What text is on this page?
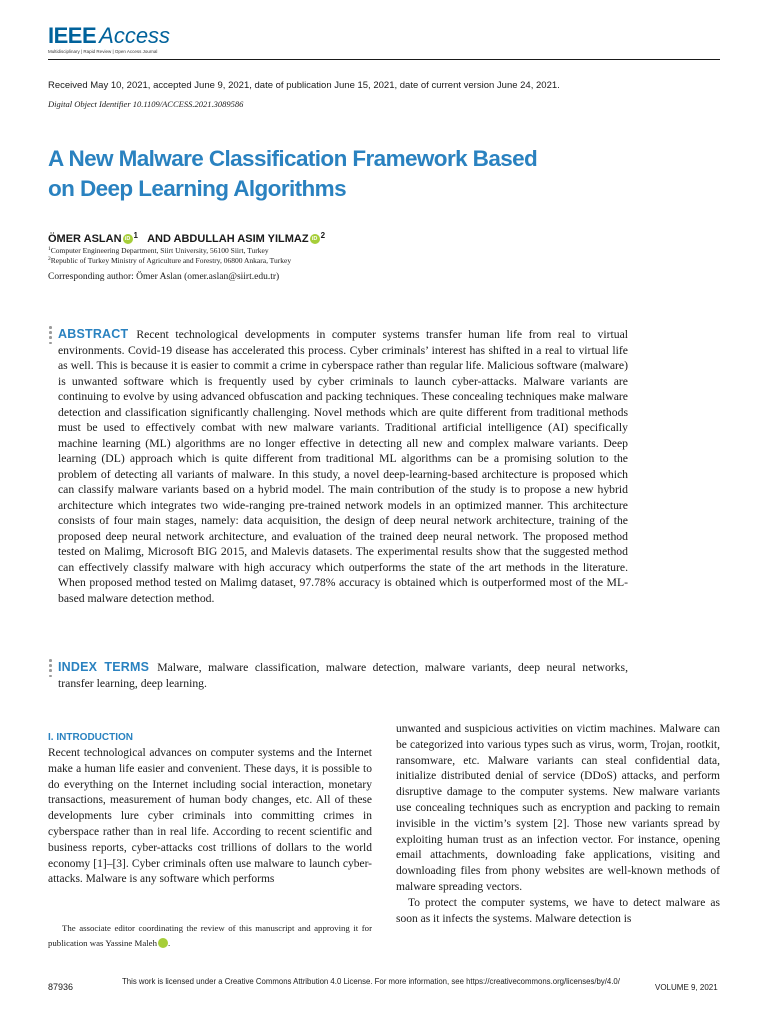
IEEE Access
Multidisciplinary | Rapid Review | Open Access Journal
Received May 10, 2021, accepted June 9, 2021, date of publication June 15, 2021, date of current version June 24, 2021.
Digital Object Identifier 10.1109/ACCESS.2021.3089586
A New Malware Classification Framework Based
on Deep Learning Algorithms
ÖMER ASLAN iD $^1$ AND ABDULLAH ASIM YILMAZ iD $^2$
$^1$Computer Engineering Department, Siirt University, 56100 Siirt, Turkey
$^2$Republic of Turkey Ministry of Agriculture and Forestry, 06800 Ankara, Turkey
Corresponding author: Ömer Aslan (omer.aslan@siirt.edu.tr)
ABSTRACT Recent technological developments in computer systems transfer human life from real to virtual environments. Covid-19 disease has accelerated this process. Cyber criminals’ interest has shifted in a real to virtual life as well. This is because it is easier to commit a crime in cyberspace rather than regular life. Malicious software (malware) is unwanted software which is frequently used by cyber criminals to launch cyber-attacks. Malware variants are continuing to evolve by using advanced obfuscation and packing techniques. These concealing techniques make malware detection and classification significantly challenging. Novel methods which are quite different from traditional methods must be used to effectively combat with new malware variants. Traditional artificial intelligence (AI) specifically machine learning (ML) algorithms are no longer effective in detecting all new and complex malware variants. Deep learning (DL) approach which is quite different from traditional ML algorithms can be a promising solution to the problem of detecting all variants of malware. In this study, a novel deep-learning-based architecture is proposed which can classify malware variants based on a hybrid model. The main contribution of the study is to propose a new hybrid architecture which integrates two wide-ranging pre-trained network models in an optimized manner. This architecture consists of four main stages, namely: data acquisition, the design of deep neural network architecture, training of the proposed deep neural network architecture, and evaluation of the trained deep neural network. The proposed method tested on Malimg, Microsoft BIG 2015, and Malevis datasets. The experimental results show that the suggested method can effectively classify malware with high accuracy which outperforms the state of the art methods in the literature. When proposed method tested on Malimg dataset, 97.78% accuracy is obtained which is outperformed most of the ML-based malware detection method.
INDEX TERMS Malware, malware classification, malware detection, malware variants, deep neural networks, transfer learning, deep learning.
I. INTRODUCTION
Recent technological advances on computer systems and the Internet make a human life easier and convenient. These days, it is possible to do everything on the Internet including social interaction, monetary transactions, measurement of human body changes, etc. All of these developments lure cyber criminals into committing crimes in cyberspace rather than in real life. According to recent scientific and business reports, cyber-attacks cost trillions of dollars to the world economy [1]–[3]. Cyber criminals often use malware to launch cyber-attacks. Malware is any software which performs
The associate editor coordinating the review of this manuscript and approving it for publication was Yassine Maleh	iD.
unwanted and suspicious activities on victim machines. Malware can be categorized into various types such as virus, worm, Trojan, rootkit, ransomware, etc. Malware variants can steal confidential data, initialize distributed denial of service (DDoS) attacks, and perform disruptive damage to the computer systems. New malware variants use concealing techniques such as encryption and packing to remain invisible in the victim’s system [2]. Those new variants spread by exploiting human trust as an infection vector. For instance, opening email attachments, downloading fake applications, visiting and downloading files from phony websites are well-known methods of malware spreading vectors.
To protect the computer systems, we have to detect malware as soon as it infects the systems. Malware detection is
87936
This work is licensed under a Creative Commons Attribution 4.0 License. For more information, see https://creativecommons.org/licenses/by/4.0/
VOLUME 9, 2021
